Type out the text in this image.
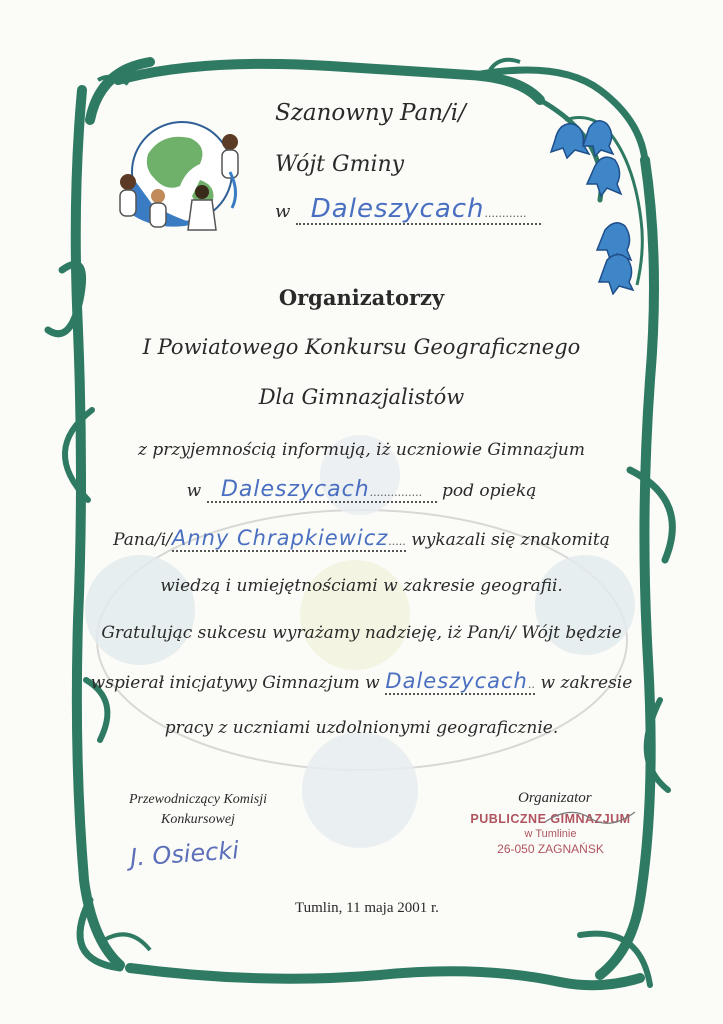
Szanowny Pan/i/
Wójt Gminy
w Daleszycach............
Organizatorzy
I Powiatowego Konkursu Geograficznego
Dla Gimnazjalistów
z przyjemnością informują, iż uczniowie Gimnazjum
w Daleszycach............... pod opieką
Pana/i/Anny Chrapkiewicz..... wykazali się znakomitą
wiedzą i umiejętnościami w zakresie geografii.
Gratulując sukcesu wyrażamy nadzieję, iż Pan/i/ Wójt będzie
wspierał inicjatywy Gimnazjum w Daleszycach.. w zakresie
pracy z uczniami uzdolnionymi geograficznie.
Przewodniczący Komisji
Konkursowej
J. Osiecki
Organizator
PUBLICZNE GIMNAZJUM
w Tumlinie
26-050 ZAGNAŃSK
Tumlin, 11 maja 2001 r.
